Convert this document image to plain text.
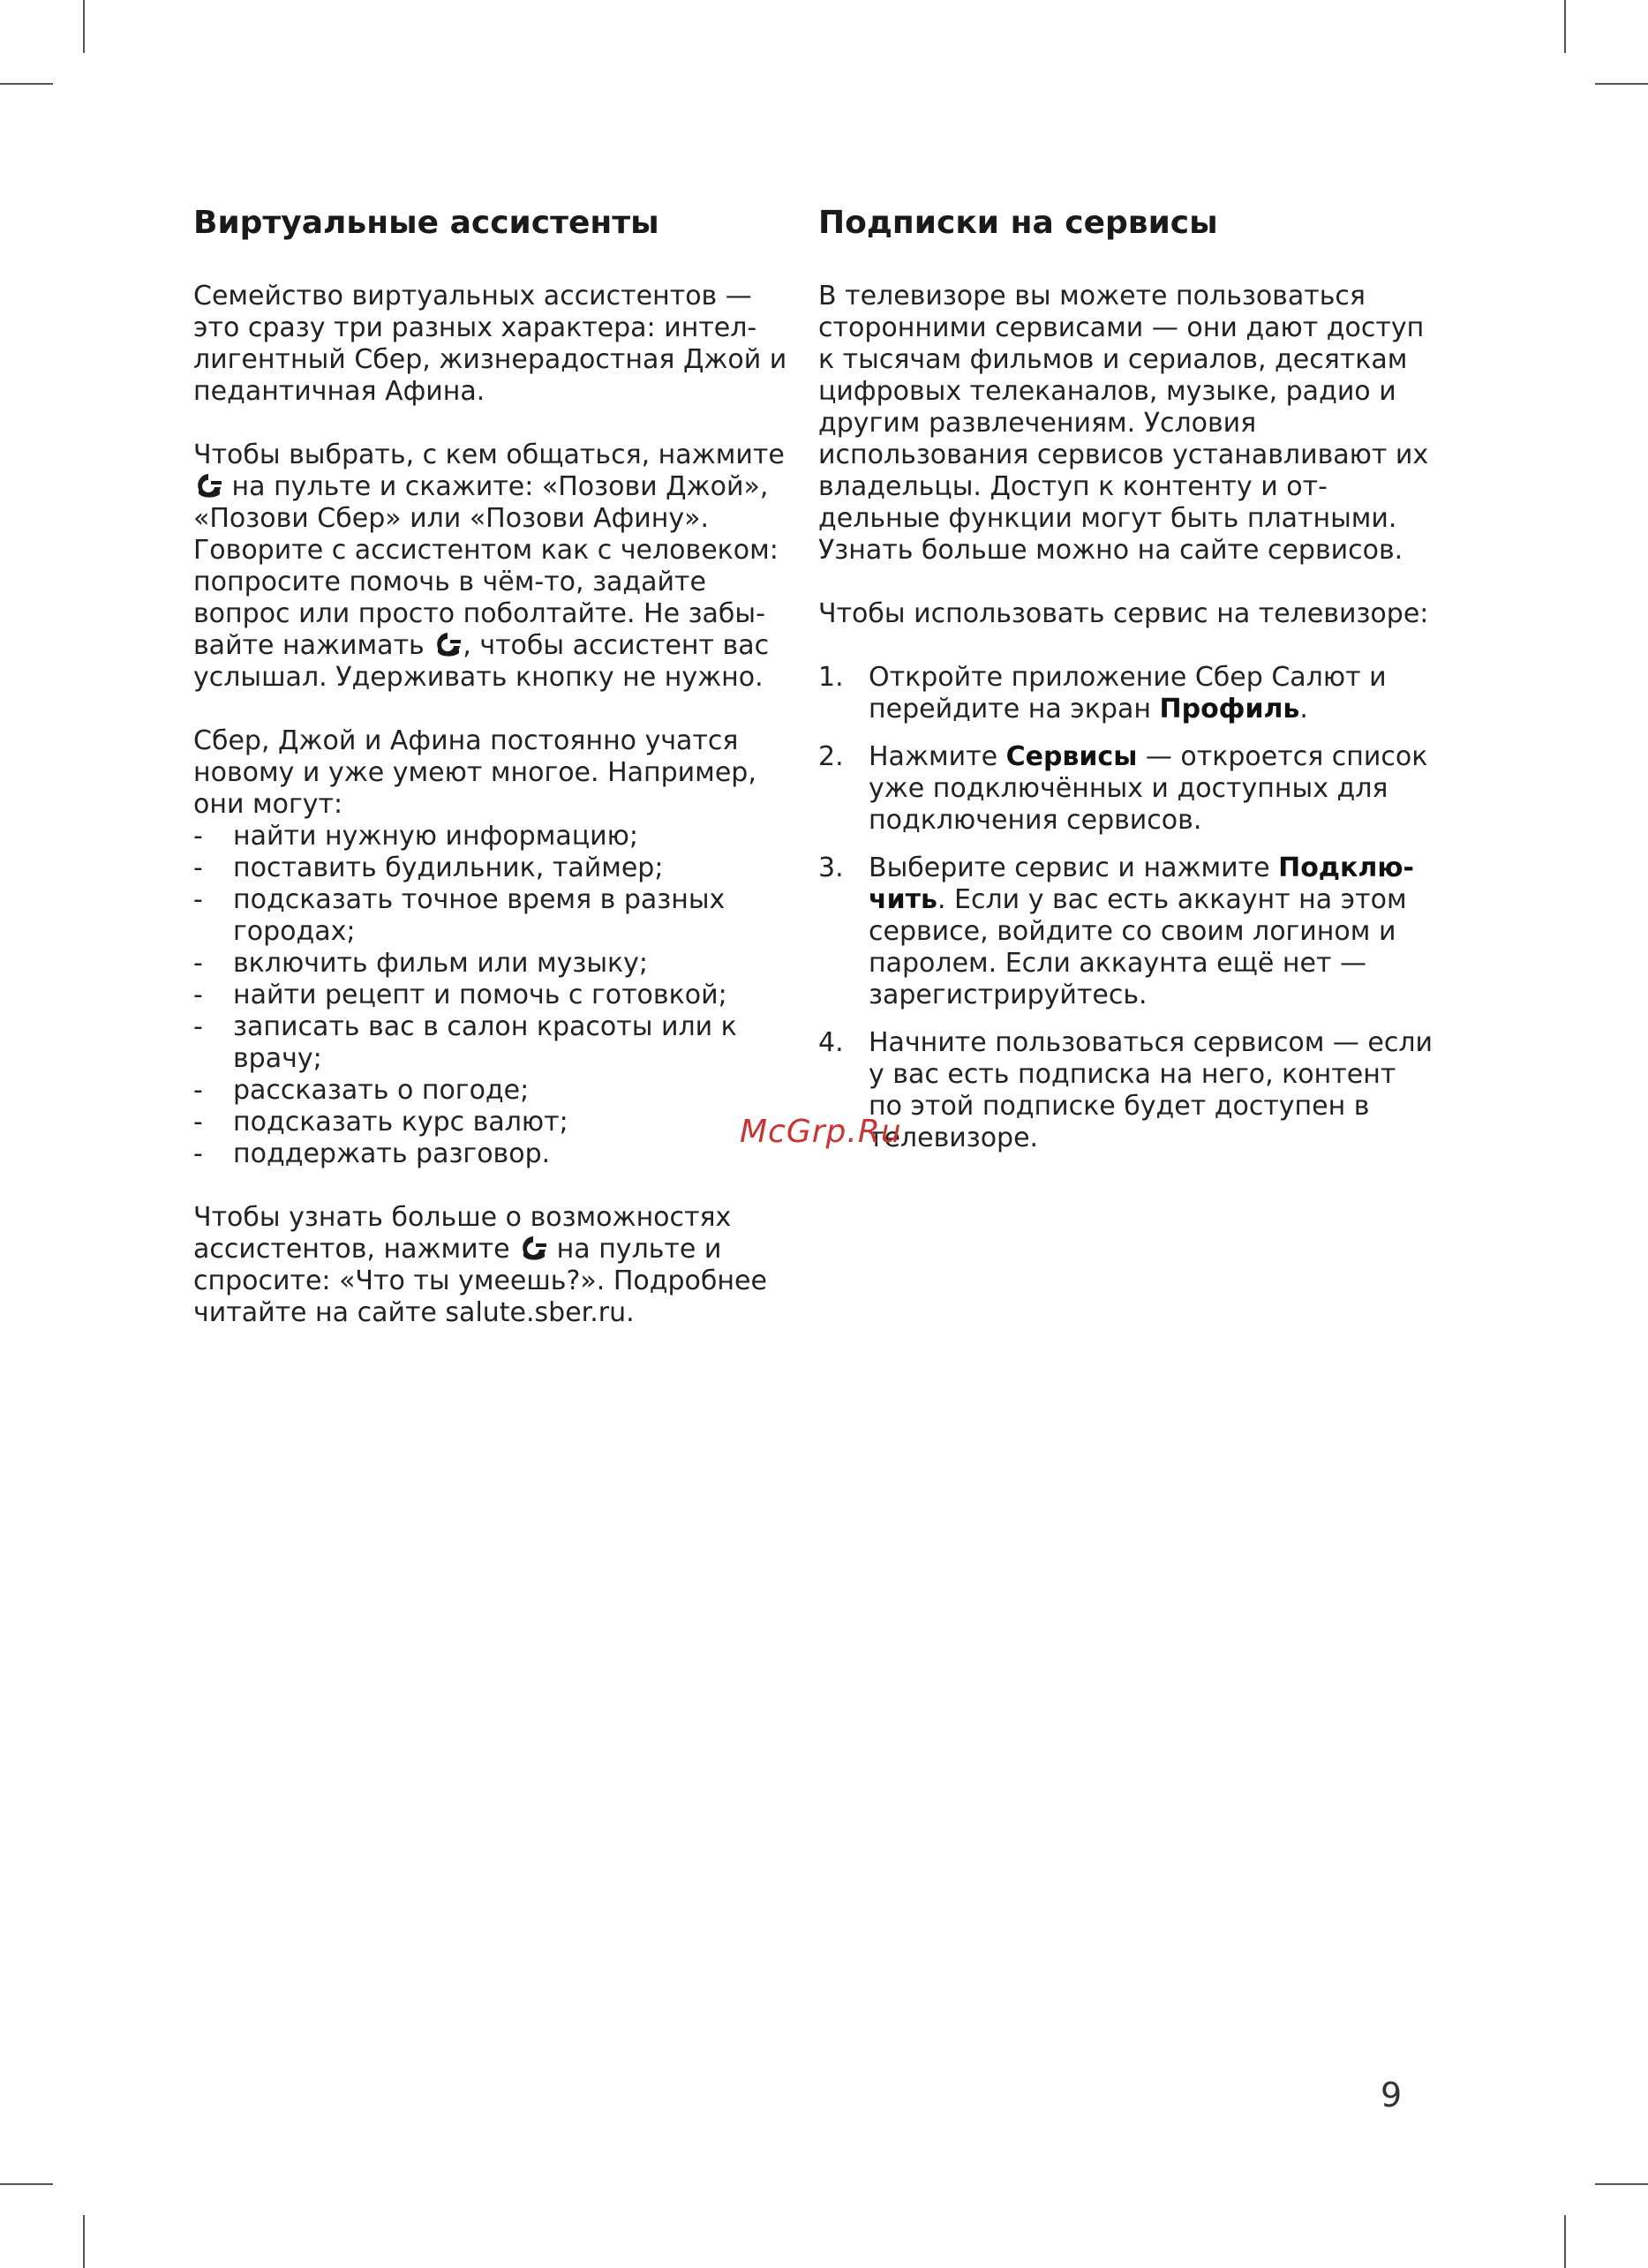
Виртуальные ассистенты

Семейство виртуальных ассистентов — это сразу три разных характера: интеллигентный Сбер, жизнерадостная Джой и педантичная Афина.

Чтобы выбрать, с кем общаться, нажмите  на пульте и скажите: «Позови Джой», «Позови Сбер» или «Позови Афину». Говорите с ассистентом как с человеком: попросите помочь в чём-то, задайте вопрос или просто поболтайте. Не забывайте нажимать , чтобы ассистент вас услышал. Удерживать кнопку не нужно.

Сбер, Джой и Афина постоянно учатся новому и уже умеют многое. Например, они могут:

- найти нужную информацию;
- поставить будильник, таймер;
- подсказать точное время в разных городах;
- включить фильм или музыку;
- найти рецепт и помочь с готовкой;
- записать вас в салон красоты или к врачу;
- рассказать о погоде;
- подсказать курс валют;
- поддержать разговор.

Чтобы узнать больше о возможностях ассистентов, нажмите  на пульте и спросите: «Что ты умеешь?». Подробнее читайте на сайте salute.sber.ru.

Подписки на сервисы

В телевизоре вы можете пользоваться сторонними сервисами — они дают доступ к тысячам фильмов и сериалов, десяткам цифровых телеканалов, музыке, радио и другим развлечениям. Условия использования сервисов устанавливают их владельцы. Доступ к контенту и отдельные функции могут быть платными. Узнать больше можно на сайте сервисов.

Чтобы использовать сервис на телевизоре:

1. Откройте приложение Сбер Салют и перейдите на экран Профиль.
2. Нажмите Сервисы — откроется список уже подключённых и доступных для подключения сервисов.
3. Выберите сервис и нажмите Подключить. Если у вас есть аккаунт на этом сервисе, войдите со своим логином и паролем. Если аккаунта ещё нет — зарегистрируйтесь.
4. Начните пользоваться сервисом — если у вас есть подписка на него, контент по этой подписке будет доступен в телевизоре.
McGrp.Ru
9
